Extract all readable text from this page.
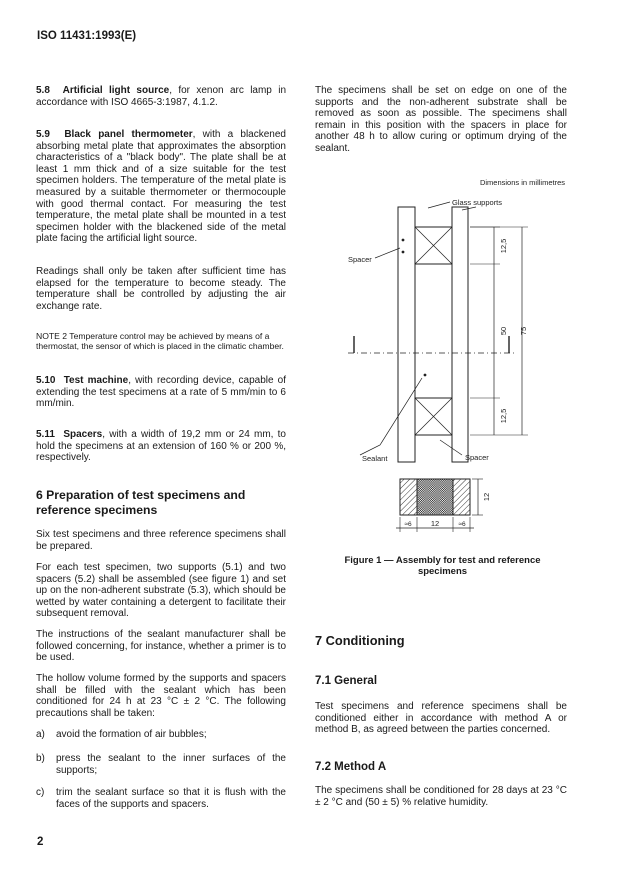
ISO 11431:1993(E)

5.8 Artificial light source, for xenon arc lamp in accordance with ISO 4665-3:1987, 4.1.2.

5.9 Black panel thermometer, with a blackened absorbing metal plate that approximates the absorption characteristics of a "black body". The plate shall be at least 1 mm thick and of a size suitable for the test specimen holders. The temperature of the metal plate is measured by a suitable thermometer or thermocouple with good thermal contact. For measuring the test temperature, the metal plate shall be mounted in a test specimen holder with the blackened side of the metal plate facing the artificial light source.

Readings shall only be taken after sufficient time has elapsed for the temperature to become steady. The temperature shall be controlled by adjusting the air exchange rate.

NOTE 2 Temperature control may be achieved by means of a thermostat, the sensor of which is placed in the climatic chamber.

5.10 Test machine, with recording device, capable of extending the test specimens at a rate of 5 mm/min to 6 mm/min.

5.11 Spacers, with a width of 19,2 mm or 24 mm, to hold the specimens at an extension of 160 % or 200 %, respectively.

6 Preparation of test specimens and reference specimens

Six test specimens and three reference specimens shall be prepared.

For each test specimen, two supports (5.1) and two spacers (5.2) shall be assembled (see figure 1) and set up on the non-adherent substrate (5.3), which should be wetted by water containing a detergent to facilitate their subsequent removal.

The instructions of the sealant manufacturer shall be followed concerning, for instance, whether a primer is to be used.

The hollow volume formed by the supports and spacers shall be filled with the sealant which has been conditioned for 24 h at 23 °C ± 2 °C. The following precautions shall be taken:

a)	avoid the formation of air bubbles;
b)	press the sealant to the inner surfaces of the supports;
c)	trim the sealant surface so that it is flush with the faces of the supports and spacers.

The specimens shall be set on edge on one of the supports and the non-adherent substrate shall be removed as soon as possible. The specimens shall remain in this position with the spacers in place for another 48 h to allow curing or optimum drying of the sealant.

Dimensions in millimetres
Glass supports
Spacer
Sealant	Spacer
12,5
50 75
12,5
12
≈6	12	≈6
Figure 1 — Assembly for test and reference specimens
7 Conditioning
7.1 General

Test specimens and reference specimens shall be conditioned either in accordance with method A or method B, as agreed between the parties concerned.

7.2 Method A

The specimens shall be conditioned for 28 days at 23 °C ± 2 °C and (50 ± 5) % relative humidity.

2
